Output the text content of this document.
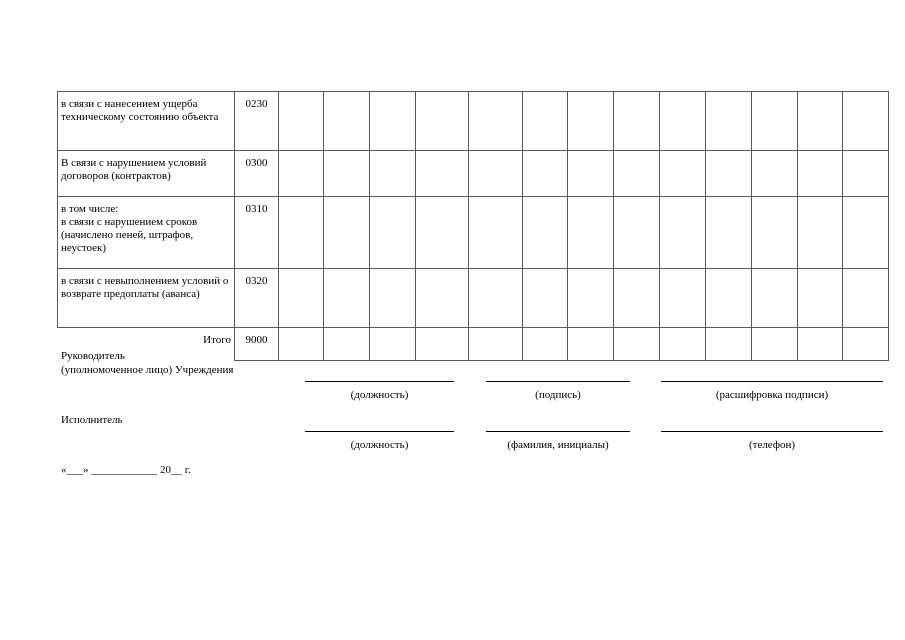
в связи с нанесением ущерба техническому состоянию объекта	0230													
В связи с нарушением условий договоров (контрактов)	0300													
в том числе:
в связи с нарушением сроков (начислено пеней, штрафов, неустоек)	0310													
в связи с невыполнением условий о возврате предоплаты (аванса)	0320													
Итого	9000													
Руководитель
(уполномоченное лицо) Учреждения
(должность)	(подпись)	(расшифровка подписи)
Исполнитель
(должность)	(фамилия, инициалы)	(телефон)
«___» ____________ 20__ г.
